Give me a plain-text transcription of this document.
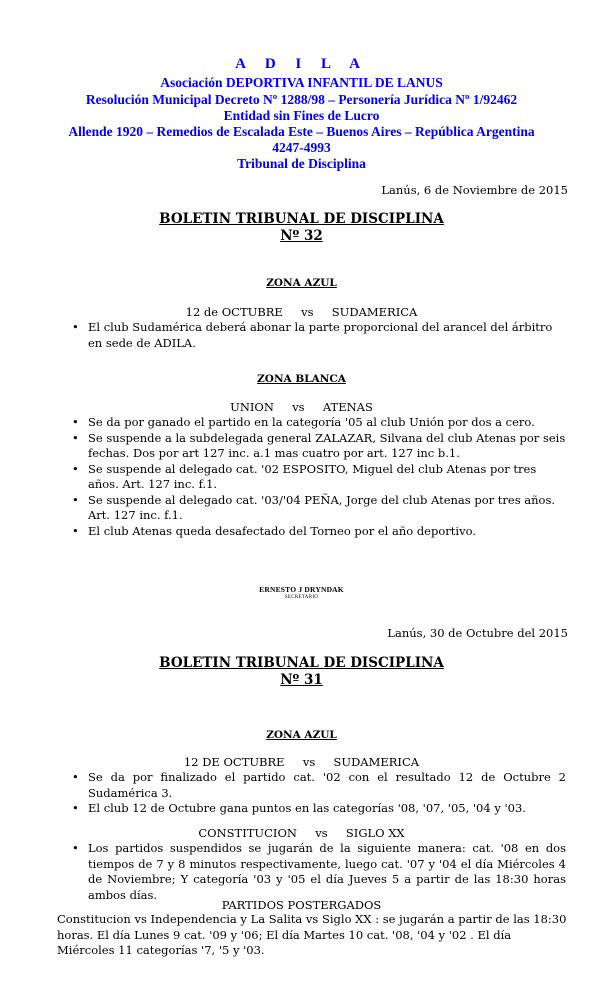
A D I L A
Asociación DEPORTIVA INFANTIL DE LANUS
Resolución Municipal Decreto Nº 1288/98 – Personería Jurídica Nº 1/92462
Entidad sin Fines de Lucro
Allende 1920 – Remedios de Escalada Este – Buenos Aires – República Argentina
4247-4993
Tribunal de Disciplina
Lanús, 6 de Noviembre de 2015
BOLETIN TRIBUNAL DE DISCIPLINA
Nº 32
ZONA AZUL
12 de OCTUBRE     vs     SUDAMERICA
• El club Sudamérica deberá abonar la parte proporcional del arancel del árbitro en sede de ADILA.
ZONA BLANCA
UNION     vs     ATENAS
• Se da por ganado el partido en la categoría '05 al club Unión por dos a cero.
• Se suspende a la subdelegada general ZALAZAR, Silvana del club Atenas por seis fechas. Dos por art 127 inc. a.1 mas cuatro por art. 127 inc b.1.
• Se suspende al delegado cat. '02 ESPOSITO, Miguel del club Atenas por tres años. Art. 127 inc. f.1.
• Se suspende al delegado cat. '03/'04 PEÑA, Jorge del club Atenas por tres años. Art. 127 inc. f.1.
• El club Atenas queda desafectado del Torneo por el año deportivo.
ERNESTO J DRYNDAK
SECRETARIO
Lanús, 30 de Octubre del 2015
BOLETIN TRIBUNAL DE DISCIPLINA
Nº 31
ZONA AZUL
12 DE OCTUBRE     vs     SUDAMERICA
• Se da por finalizado el partido cat. '02 con el resultado 12 de Octubre 2 Sudamérica 3.
• El club 12 de Octubre gana puntos en las categorías '08, '07, '05, '04 y '03.
CONSTITUCION     vs     SIGLO XX
• Los partidos suspendidos se jugarán de la siguiente manera: cat. '08 en dos tiempos de 7 y 8 minutos respectivamente, luego cat. '07 y '04 el día Miércoles 4 de Noviembre; Y categoría '03 y '05 el día Jueves 5 a partir de las 18:30 horas ambos días.
PARTIDOS POSTERGADOS

Constitucion vs Independencia y La Salita vs Siglo XX : se jugarán a partir de las 18:30 horas. El día Lunes 9 cat. '09 y '06; El día Martes 10 cat. '08, '04 y '02 . El día Miércoles 11 categorías '7, '5 y '03.
